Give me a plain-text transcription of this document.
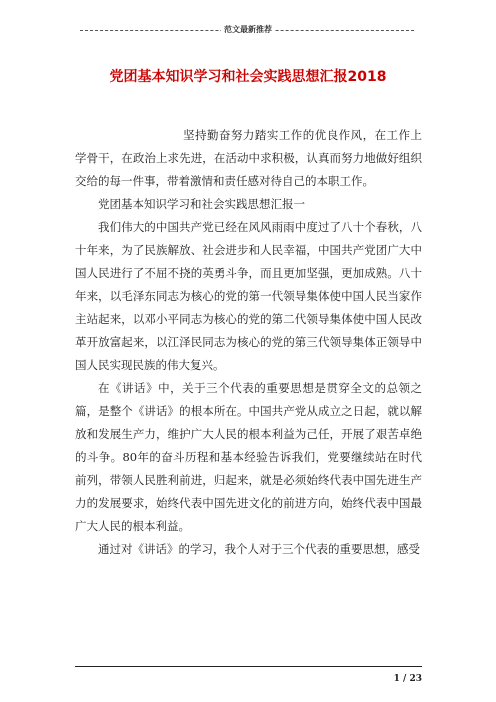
范文最新推荐
党团基本知识学习和社会实践思想汇报2018

坚持勤奋努力踏实工作的优良作风，在工作上学骨干，在政治上求先进，在活动中求积极，认真而努力地做好组织交给的每一件事，带着激情和责任感对待自己的本职工作。

党团基本知识学习和社会实践思想汇报一

我们伟大的中国共产党已经在风风雨雨中度过了八十个春秋，八十年来，为了民族解放、社会进步和人民幸福，中国共产党团广大中国人民进行了不屈不挠的英勇斗争，而且更加坚强，更加成熟。八十年来，以毛泽东同志为核心的党的第一代领导集体使中国人民当家作主站起来，以邓小平同志为核心的党的第二代领导集体使中国人民改革开放富起来，以江泽民同志为核心的党的第三代领导集体正领导中国人民实现民族的伟大复兴。

在《讲话》中，关于三个代表的重要思想是贯穿全文的总领之篇，是整个《讲话》的根本所在。中国共产党从成立之日起，就以解放和发展生产力，维护广大人民的根本利益为己任，开展了艰苦卓绝的斗争。80年的奋斗历程和基本经验告诉我们，党要继续站在时代前列，带领人民胜利前进，归起来，就是必须始终代表中国先进生产力的发展要求，始终代表中国先进文化的前进方向，始终代表中国最广大人民的根本利益。

通过对《讲话》的学习，我个人对于三个代表的重要思想，感受

1 / 23
